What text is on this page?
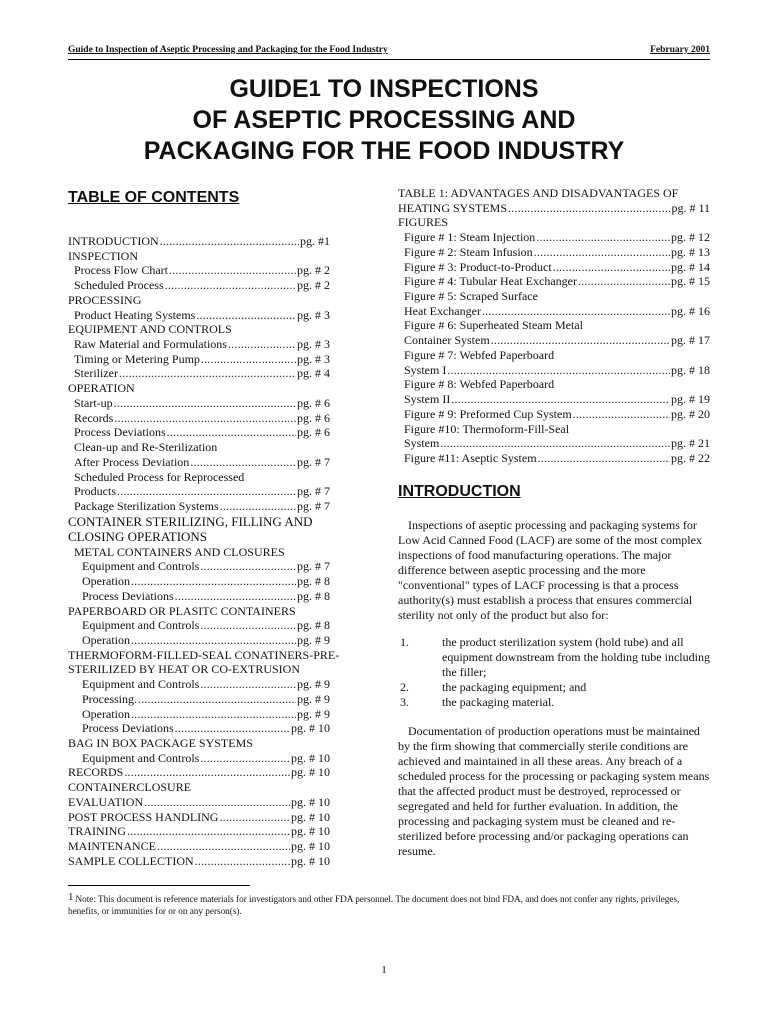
Guide to Inspection of Aseptic Processing and Packaging for the Food Industry	February 2001
GUIDE$^1$ TO INSPECTIONS
OF ASEPTIC PROCESSING AND
PACKAGING FOR THE FOOD INDUSTRY
TABLE OF CONTENTS
INTRODUCTION .....	pg. #1
INSPECTION
Process Flow Chart .....	pg. # 2
Scheduled Process .....	pg. # 2
PROCESSING
Product Heating Systems .....	pg. # 3
EQUIPMENT AND CONTROLS
Raw Material and Formulations .....	pg. # 3
Timing or Metering Pump .....	pg. # 3
Sterilizer .....	pg. # 4
OPERATION
Start-up .....	pg. # 6
Records .....	pg. # 6
Process Deviations .....	pg. # 6
Clean-up and Re-Sterilization
After Process Deviation .....	pg. # 7
Scheduled Process for Reprocessed
Products .....	pg. # 7
Package Sterilization Systems .....	pg. # 7
CONTAINER STERILIZING, FILLING AND
CLOSING OPERATIONS
METAL CONTAINERS AND CLOSURES
Equipment and Controls .....	pg. # 7
Operation .....	pg. # 8
Process Deviations .....	pg. # 8
PAPERBOARD OR PLASITC CONTAINERS
Equipment and Controls .....	pg. # 8
Operation .....	pg. # 9
THERMOFORM-FILLED-SEAL CONATINERS-PRE-
STERILIZED BY HEAT OR CO-EXTRUSION
Equipment and Controls .....	pg. # 9
Processing. .....	pg. # 9
Operation .....	pg. # 9
Process Deviations .....	pg. # 10
BAG IN BOX PACKAGE SYSTEMS
Equipment and Controls .....	pg. # 10
RECORDS .....	pg. # 10
CONTAINERCLOSURE
EVALUATION .....	pg. # 10
POST PROCESS HANDLING .....	pg. # 10
TRAINING .....	pg. # 10
MAINTENANCE .....	pg. # 10
SAMPLE COLLECTION .....	pg. # 10
TABLE 1: ADVANTAGES AND DISADVANTAGES OF
HEATING SYSTEMS .....	pg. # 11
FIGURES
Figure # 1: Steam Injection .....	pg. # 12
Figure # 2: Steam Infusion .....	pg. # 13
Figure # 3: Product-to-Product .....	pg. # 14
Figure # 4: Tubular Heat Exchanger .....	pg. # 15
Figure # 5: Scraped Surface
Heat Exchanger .....	pg. # 16
Figure # 6: Superheated Steam Metal
Container System .....	pg. # 17
Figure # 7: Webfed Paperboard
System I .....	pg. # 18
Figure # 8: Webfed Paperboard
System II .....	pg. # 19
Figure # 9: Preformed Cup System .....	pg. # 20
Figure #10: Thermoform-Fill-Seal
System .....	pg. # 21
Figure #11: Aseptic System .....	pg. # 22
INTRODUCTION

Inspections of aseptic processing and packaging systems for Low Acid Canned Food (LACF) are some of the most complex inspections of food manufacturing operations. The major difference between aseptic processing and the more "conventional" types of LACF processing is that a process authority(s) must establish a process that ensures commercial sterility not only of the product but also for:

1.	the product sterilization system (hold tube) and all equipment downstream from the holding tube including the filler;
2.	the packaging equipment; and
3.	the packaging material.

Documentation of production operations must be maintained by the firm showing that commercially sterile conditions are achieved and maintained in all these areas. Any breach of a scheduled process for the processing or packaging system means that the affected product must be destroyed, reprocessed or segregated and held for further evaluation. In addition, the processing and packaging system must be cleaned and re-sterilized before processing and/or packaging operations can resume.

$^1$ Note: This document is reference materials for investigators and other FDA personnel. The document does not bind FDA, and does not confer any rights, privileges, benefits, or immunities for or on any person(s).
1
